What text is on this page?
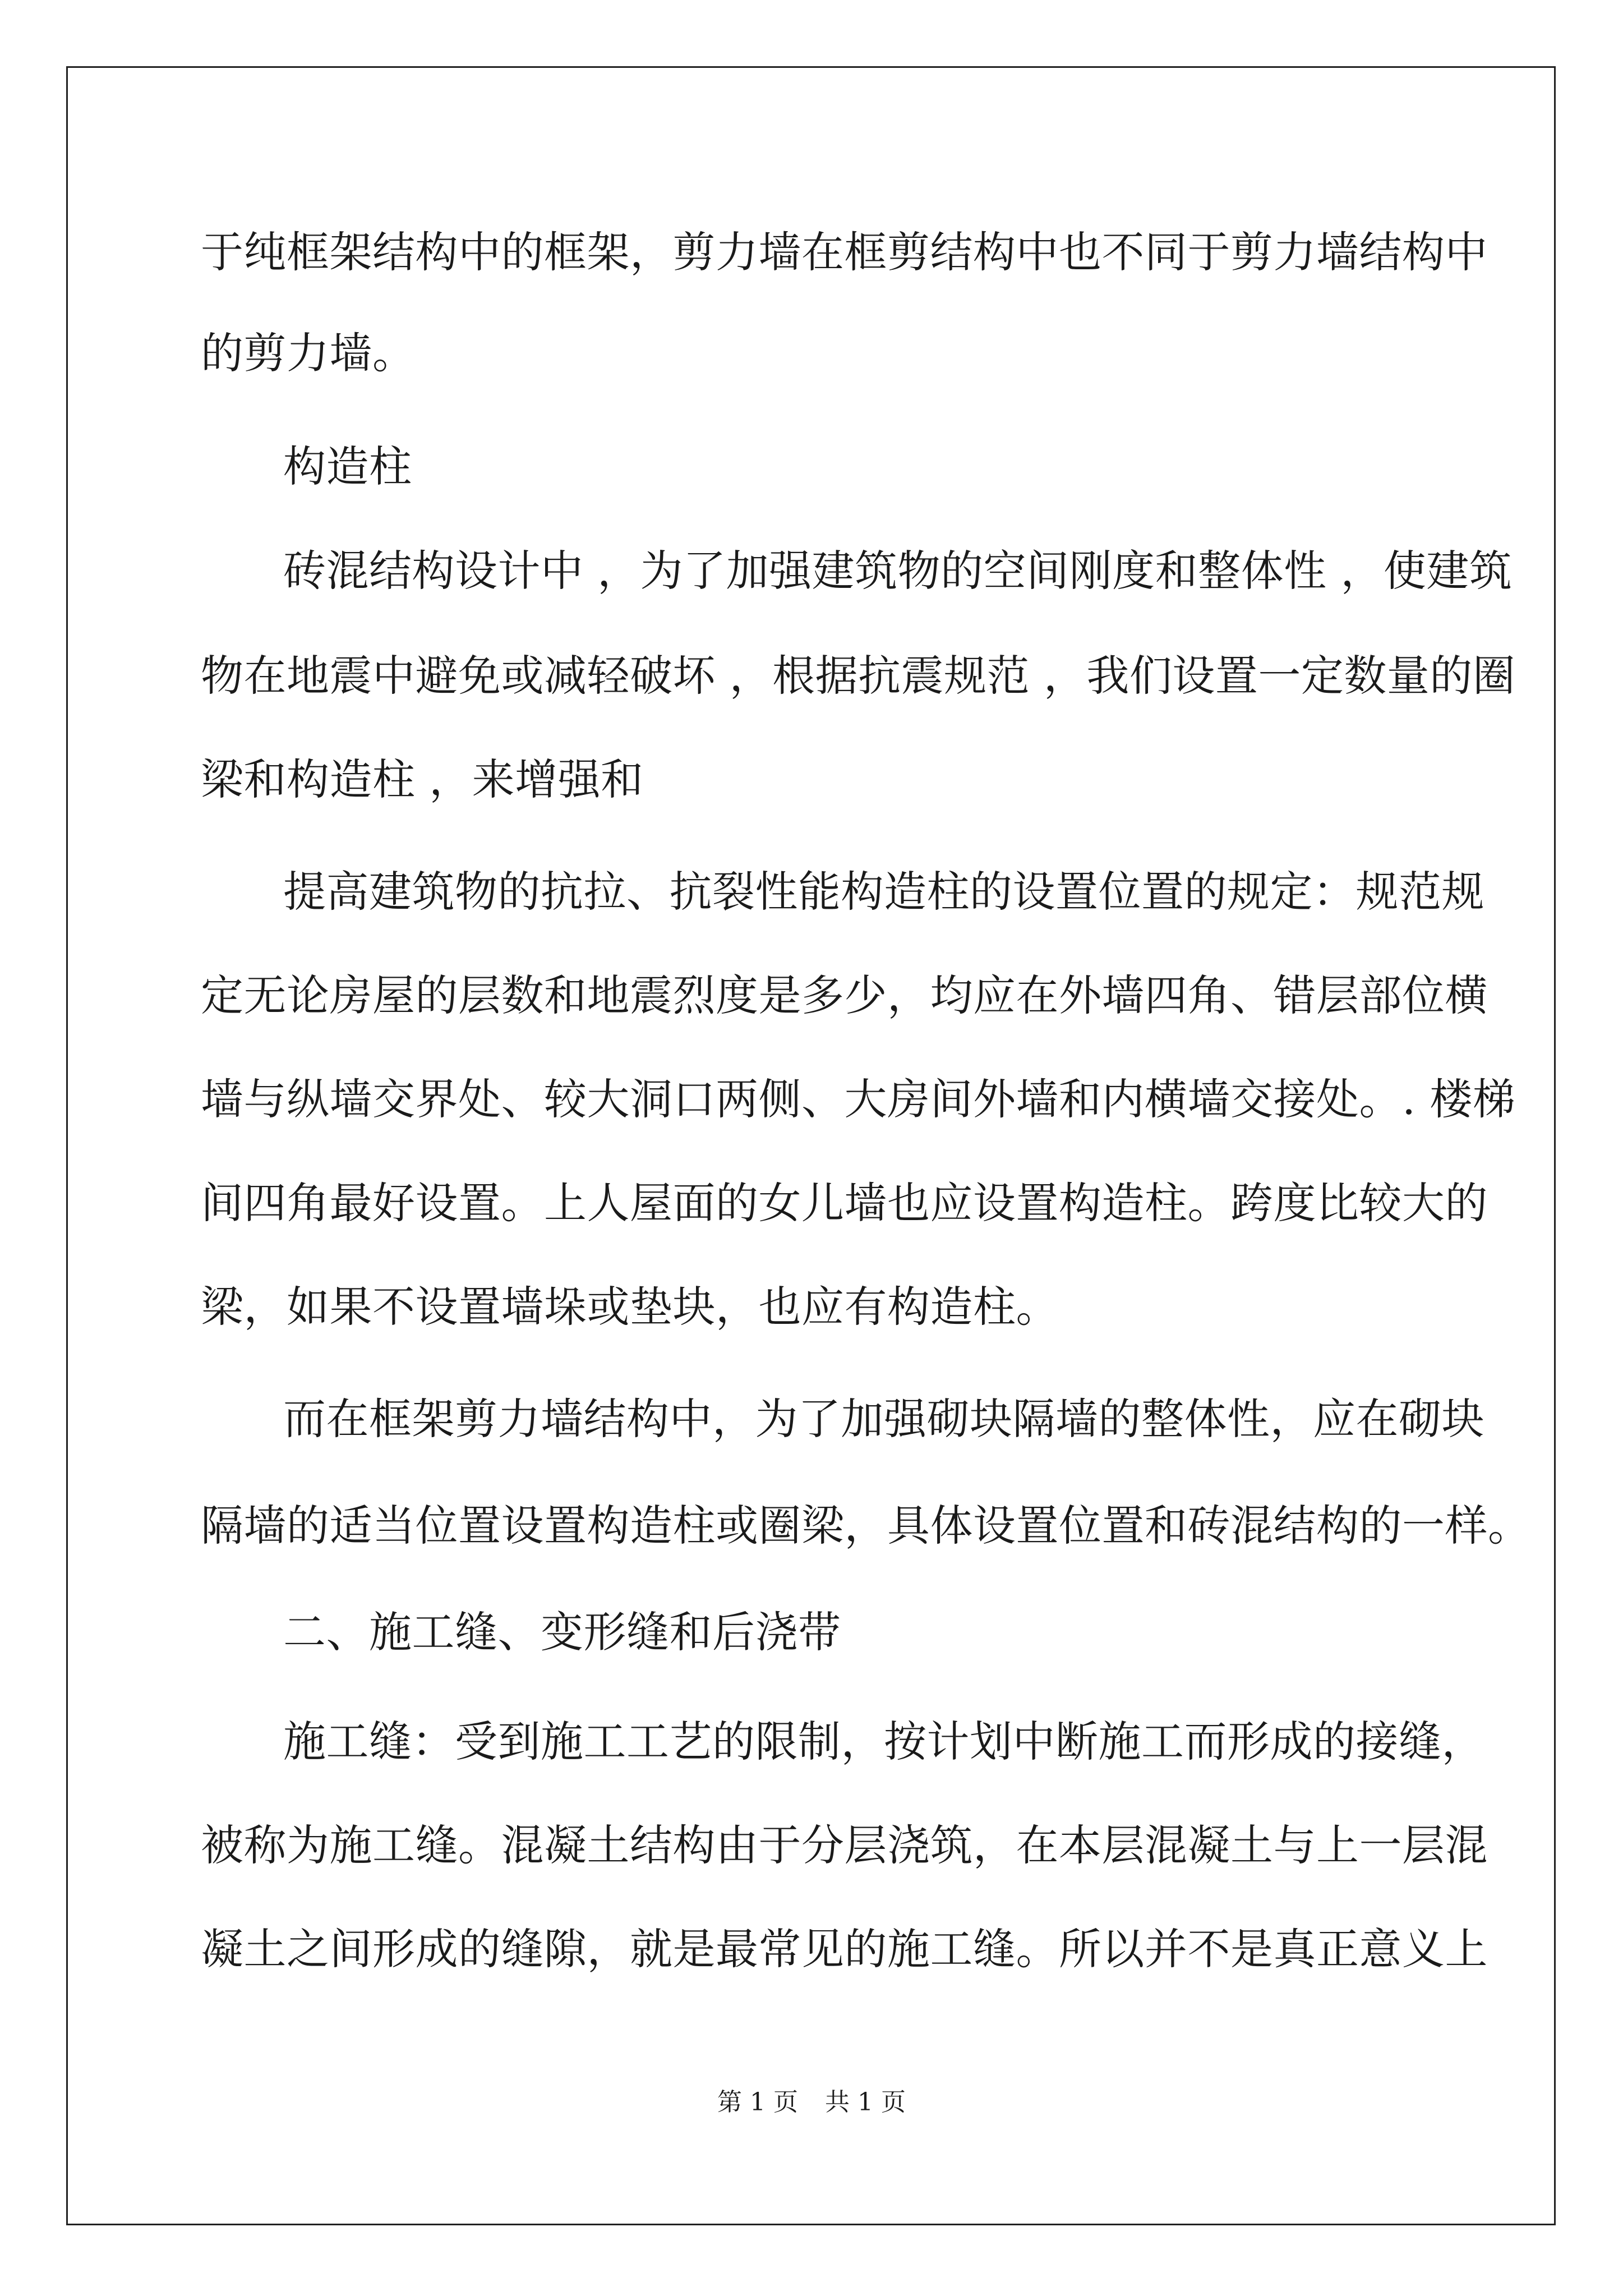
于纯框架结构中的框架，剪力墙在框剪结构中也不同于剪力墙结构中

的剪力墙。

构造柱

砖混结构设计中 ，为了加强建筑物的空间刚度和整体性 ，使建筑

物在地震中避免或减轻破坏 ，根据抗震规范 ，我们设置一定数量的圈

梁和构造柱 ，来增强和

提高建筑物的抗拉、抗裂性能构造柱的设置位置的规定：规范规

定无论房屋的层数和地震烈度是多少，均应在外墙四角、错层部位横

墙与纵墙交界处、较大洞口两侧、大房间外墙和内横墙交接处。. 楼梯

间四角最好设置。上人屋面的女儿墙也应设置构造柱。跨度比较大的

梁，如果不设置墙垛或垫块，也应有构造柱。

而在框架剪力墙结构中，为了加强砌块隔墙的整体性，应在砌块

隔墙的适当位置设置构造柱或圈梁，具体设置位置和砖混结构的一样。

二、施工缝、变形缝和后浇带

施工缝：受到施工工艺的限制，按计划中断施工而形成的接缝，

被称为施工缝。混凝土结构由于分层浇筑，在本层混凝土与上一层混

凝土之间形成的缝隙，就是最常见的施工缝。所以并不是真正意义上

第 1 页 共 1 页
